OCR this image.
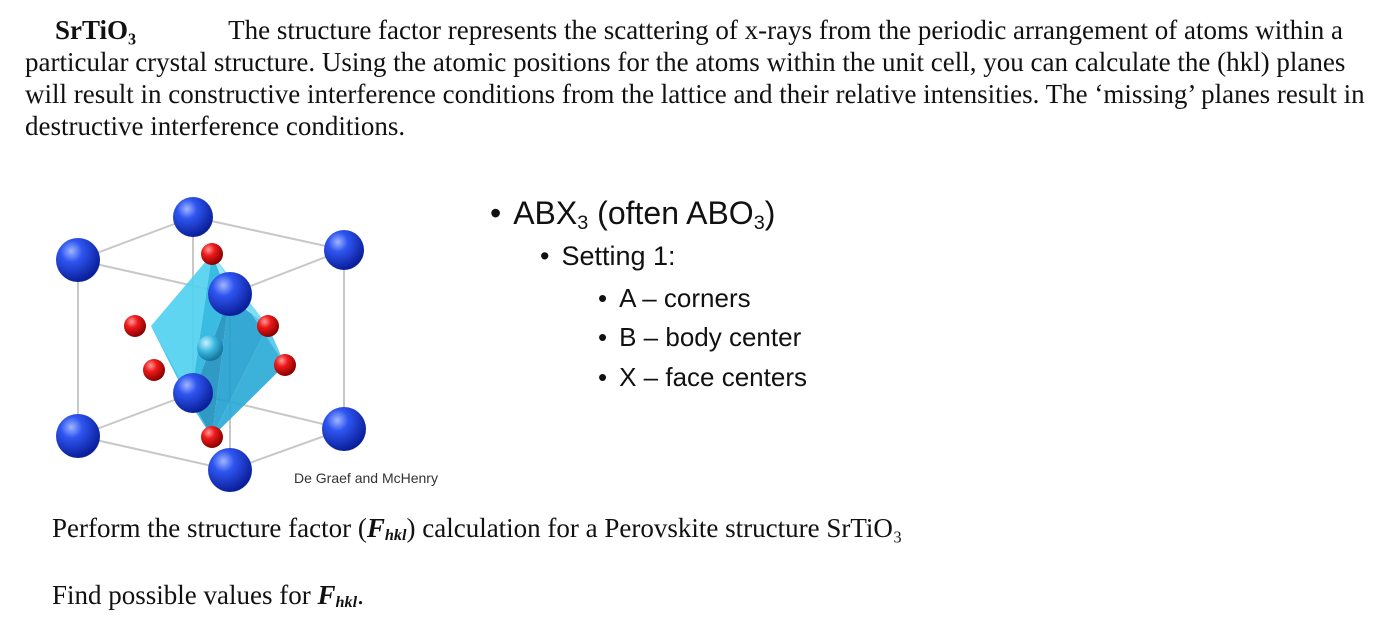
SrTiO₃	The structure factor represents the scattering of x-rays from the periodic arrangement of atoms within a particular crystal structure. Using the atomic positions for the atoms within the unit cell, you can calculate the (hkl) planes will result in constructive interference conditions from the lattice and their relative intensities. The ‘missing’ planes result in destructive interference conditions.
De Graef and McHenry
• $ABX_3$ (often $ABO_3$)
• Setting 1:
• A – corners
• B – body center
• X – face centers
Perform the structure factor (Fhkl) calculation for a Perovskite structure SrTiO₃
Find possible values for Fhkl.
